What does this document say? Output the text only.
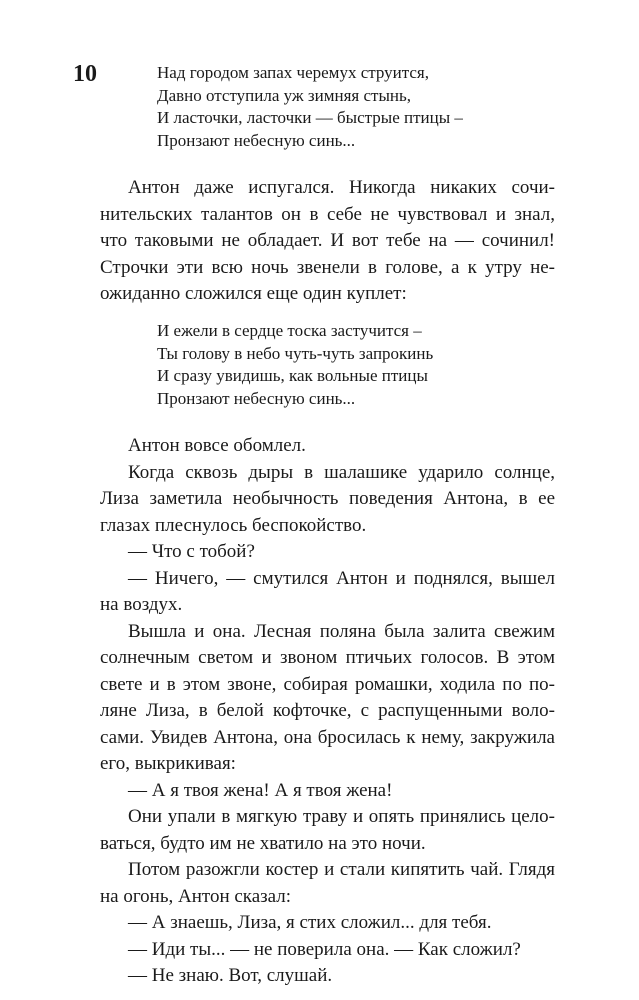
10	Над городом запах черемух струится,
Давно отступила уж зимняя стынь,
И ласточки, ласточки — быстрые птицы –
Пронзают небесную синь...
Антон даже испугался. Никогда никаких сочи-
нительских талантов он в себе не чувствовал и знал,
что таковыми не обладает. И вот тебе на — сочинил!
Строчки эти всю ночь звенели в голове, а к утру не-
ожиданно сложился еще один куплет:
И ежели в сердце тоска застучится –
Ты голову в небо чуть-чуть запрокинь
И сразу увидишь, как вольные птицы
Пронзают небесную синь...
Антон вовсе обомлел.
Когда сквозь дыры в шалашике ударило солнце,
Лиза заметила необычность поведения Антона, в ее
глазах плеснулось беспокойство.
— Что с тобой?
— Ничего, — смутился Антон и поднялся, вышел
на воздух.
Вышла и она. Лесная поляна была залита свежим
солнечным светом и звоном птичьих голосов. В этом
свете и в этом звоне, собирая ромашки, ходила по по-
ляне Лиза, в белой кофточке, с распущенными воло-
сами. Увидев Антона, она бросилась к нему, закружила
его, выкрикивая:
— А я твоя жена! А я твоя жена!
Они упали в мягкую траву и опять принялись цело-
ваться, будто им не хватило на это ночи.
Потом разожгли костер и стали кипятить чай. Глядя
на огонь, Антон сказал:
— А знаешь, Лиза, я стих сложил... для тебя.
— Иди ты... — не поверила она. — Как сложил?
— Не знаю. Вот, слушай.
